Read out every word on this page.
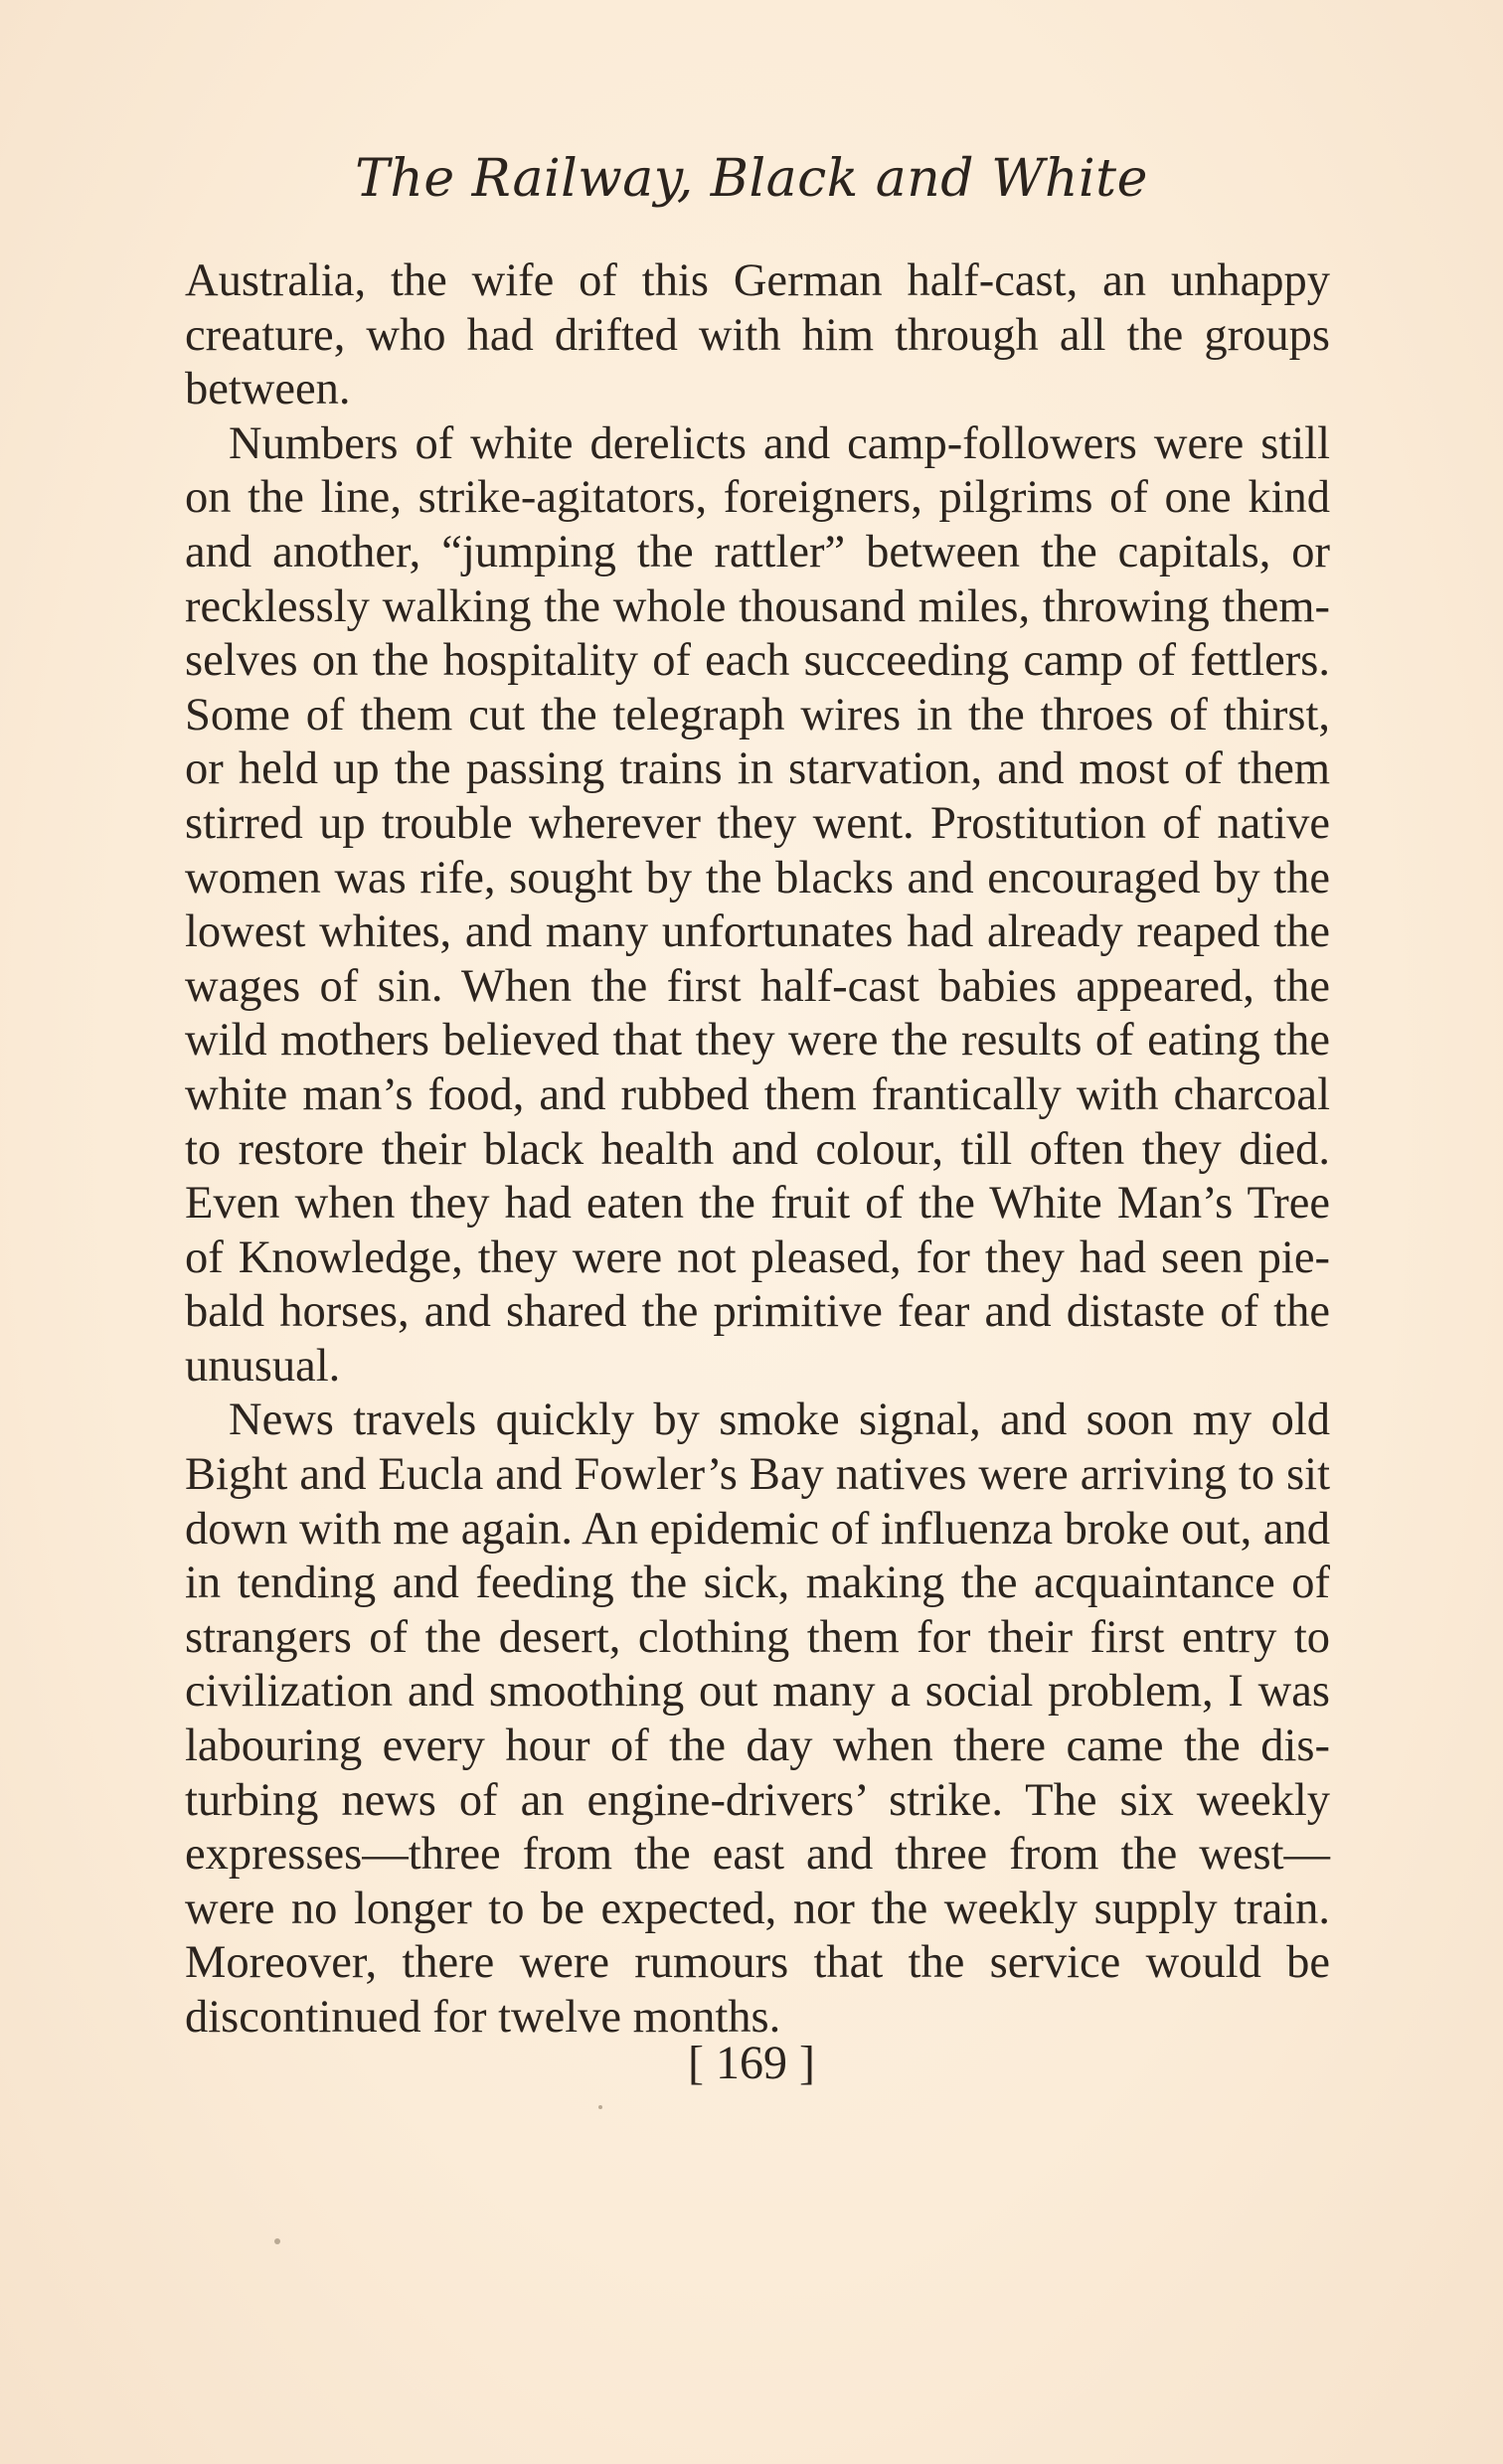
The Railway, Black and White

Australia, the wife of this German half-cast, an unhappy creature, who had drifted with him through all the groups between.

Numbers of white derelicts and camp-followers were still on the line, strike-agitators, foreigners, pilgrims of one kind and another, “jumping the rattler” between the capitals, or recklessly walking the whole thousand miles, throwing themselves on the hospitality of each succeeding camp of fettlers. Some of them cut the telegraph wires in the throes of thirst, or held up the passing trains in starvation, and most of them stirred up trouble wherever they went. Prostitution of native women was rife, sought by the blacks and encouraged by the lowest whites, and many unfortunates had already reaped the wages of sin. When the first half-cast babies appeared, the wild mothers believed that they were the results of eating the white man’s food, and rubbed them frantically with charcoal to restore their black health and colour, till often they died. Even when they had eaten the fruit of the White Man’s Tree of Knowledge, they were not pleased, for they had seen piebald horses, and shared the primitive fear and distaste of the unusual.

News travels quickly by smoke signal, and soon my old Bight and Eucla and Fowler’s Bay natives were arriving to sit down with me again. An epidemic of influenza broke out, and in tending and feeding the sick, making the acquaintance of strangers of the desert, clothing them for their first entry to civilization and smoothing out many a social problem, I was labouring every hour of the day when there came the disturbing news of an engine-drivers’ strike. The six weekly expresses—three from the east and three from the west—were no longer to be expected, nor the weekly supply train. Moreover, there were rumours that the service would be discontinued for twelve months.

[ 169 ]
